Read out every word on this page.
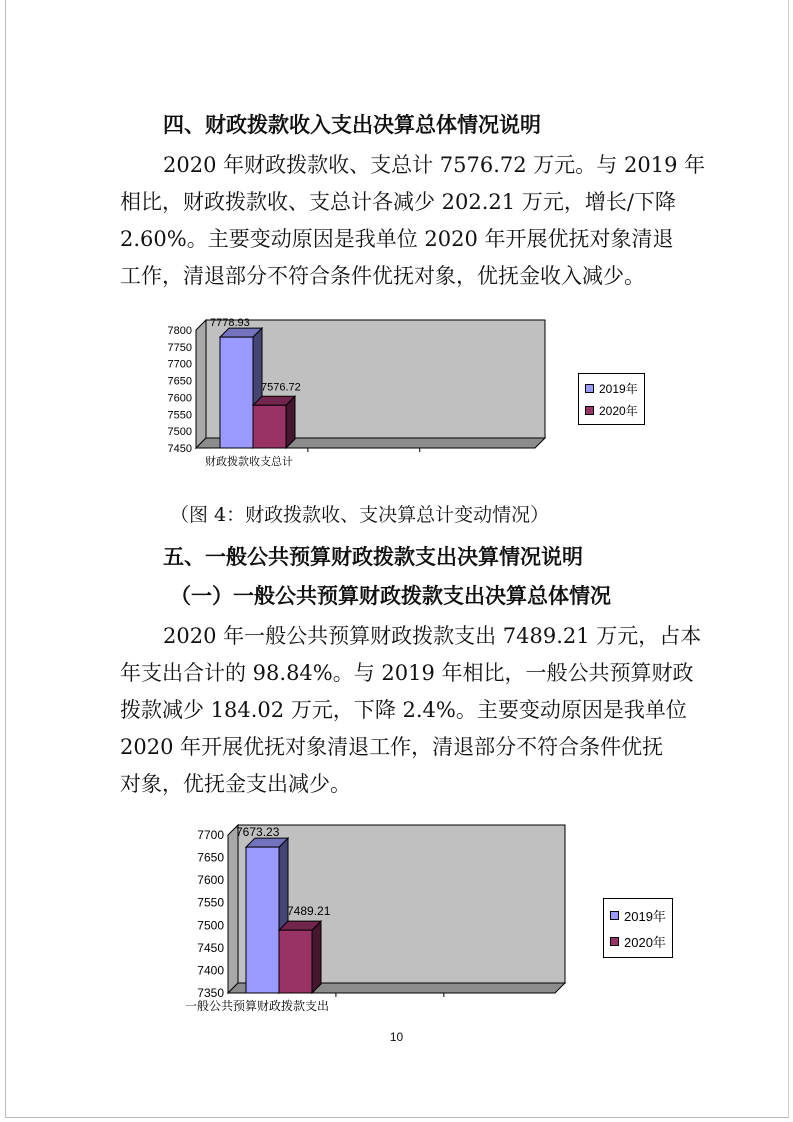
四、财政拨款收入支出决算总体情况说明
2020 年财政拨款收、支总计 7576.72 万元。与 2019 年
相比，财政拨款收、支总计各减少 202.21 万元，增长/下降
2.60%。主要变动原因是我单位 2020 年开展优抚对象清退
工作，清退部分不符合条件优抚对象，优抚金收入减少。
7800
7750
7700
7650
7600
7550
7500
7450
7778.93
7576.72
财政拨款收支总计
2019年
2020年
（图 4：财政拨款收、支决算总计变动情况）
五、一般公共预算财政拨款支出决算情况说明
（一）一般公共预算财政拨款支出决算总体情况
2020 年一般公共预算财政拨款支出 7489.21 万元，占本
年支出合计的 98.84%。与 2019 年相比，一般公共预算财政
拨款减少 184.02 万元，下降 2.4%。主要变动原因是我单位
2020 年开展优抚对象清退工作，清退部分不符合条件优抚
对象，优抚金支出减少。
7700
7650
7600
7550
7500
7450
7400
7350
7673.23
7489.21
一般公共预算财政拨款支出
2019年
2020年
10
